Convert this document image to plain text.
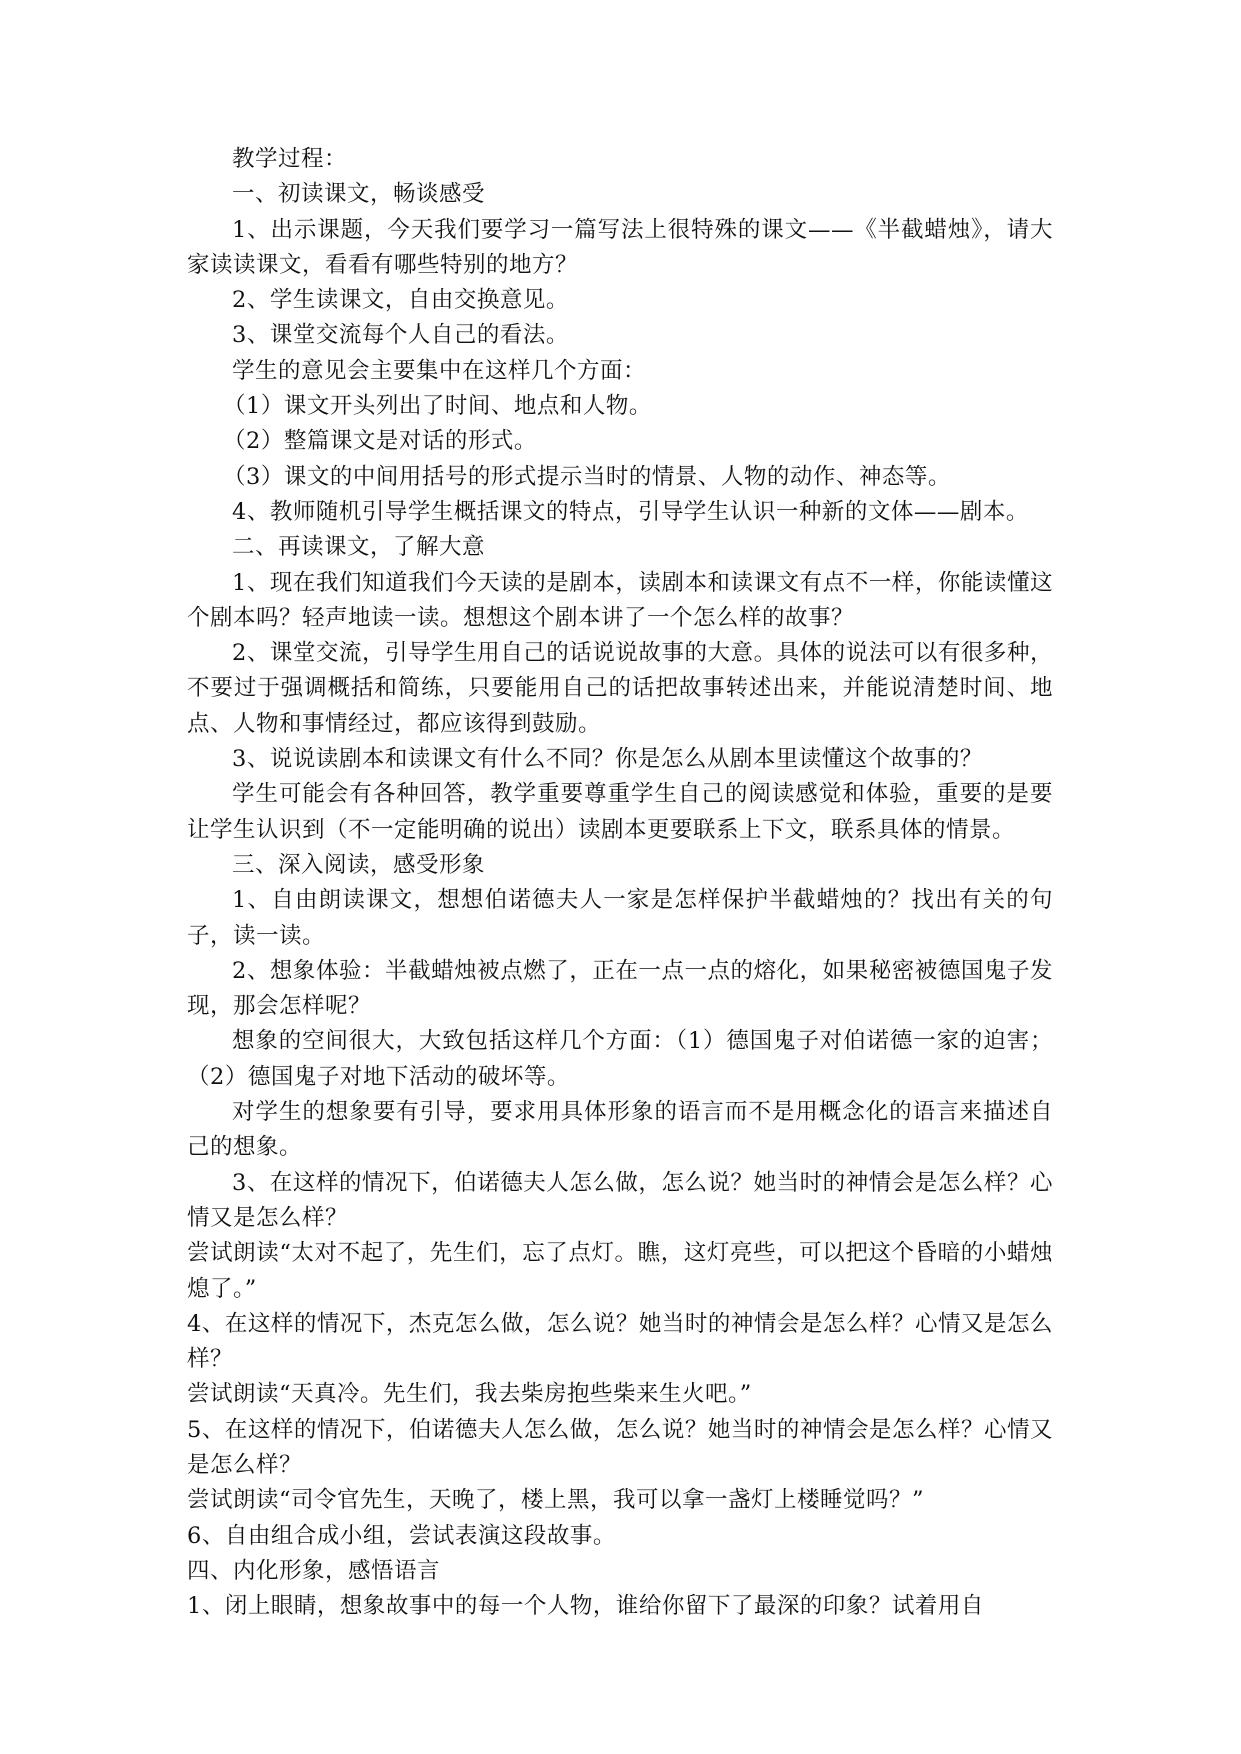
教学过程：

一、初读课文，畅谈感受

1、出示课题，今天我们要学习一篇写法上很特殊的课文——《半截蜡烛》，请大家读读课文，看看有哪些特别的地方？

2、学生读课文，自由交换意见。

3、课堂交流每个人自己的看法。

学生的意见会主要集中在这样几个方面：

（1）课文开头列出了时间、地点和人物。

（2）整篇课文是对话的形式。

（3）课文的中间用括号的形式提示当时的情景、人物的动作、神态等。

4、教师随机引导学生概括课文的特点，引导学生认识一种新的文体——剧本。

二、再读课文，了解大意

1、现在我们知道我们今天读的是剧本，读剧本和读课文有点不一样，你能读懂这个剧本吗？轻声地读一读。想想这个剧本讲了一个怎么样的故事？

2、课堂交流，引导学生用自己的话说说故事的大意。具体的说法可以有很多种，不要过于强调概括和简练，只要能用自己的话把故事转述出来，并能说清楚时间、地点、人物和事情经过，都应该得到鼓励。

3、说说读剧本和读课文有什么不同？你是怎么从剧本里读懂这个故事的？

学生可能会有各种回答，教学重要尊重学生自己的阅读感觉和体验，重要的是要让学生认识到（不一定能明确的说出）读剧本更要联系上下文，联系具体的情景。

三、深入阅读，感受形象

1、自由朗读课文，想想伯诺德夫人一家是怎样保护半截蜡烛的？找出有关的句子，读一读。

2、想象体验：半截蜡烛被点燃了，正在一点一点的熔化，如果秘密被德国鬼子发现，那会怎样呢？

想象的空间很大，大致包括这样几个方面：（1）德国鬼子对伯诺德一家的迫害；（2）德国鬼子对地下活动的破坏等。

对学生的想象要有引导，要求用具体形象的语言而不是用概念化的语言来描述自己的想象。

3、在这样的情况下，伯诺德夫人怎么做，怎么说？她当时的神情会是怎么样？心情又是怎么样？

尝试朗读“太对不起了，先生们，忘了点灯。瞧，这灯亮些，可以把这个昏暗的小蜡烛熄了。”

4、在这样的情况下，杰克怎么做，怎么说？她当时的神情会是怎么样？心情又是怎么样？

尝试朗读“天真冷。先生们，我去柴房抱些柴来生火吧。”

5、在这样的情况下，伯诺德夫人怎么做，怎么说？她当时的神情会是怎么样？心情又是怎么样？

尝试朗读“司令官先生，天晚了，楼上黑，我可以拿一盏灯上楼睡觉吗？”

6、自由组合成小组，尝试表演这段故事。

四、内化形象，感悟语言

1、闭上眼睛，想象故事中的每一个人物，谁给你留下了最深的印象？试着用自
